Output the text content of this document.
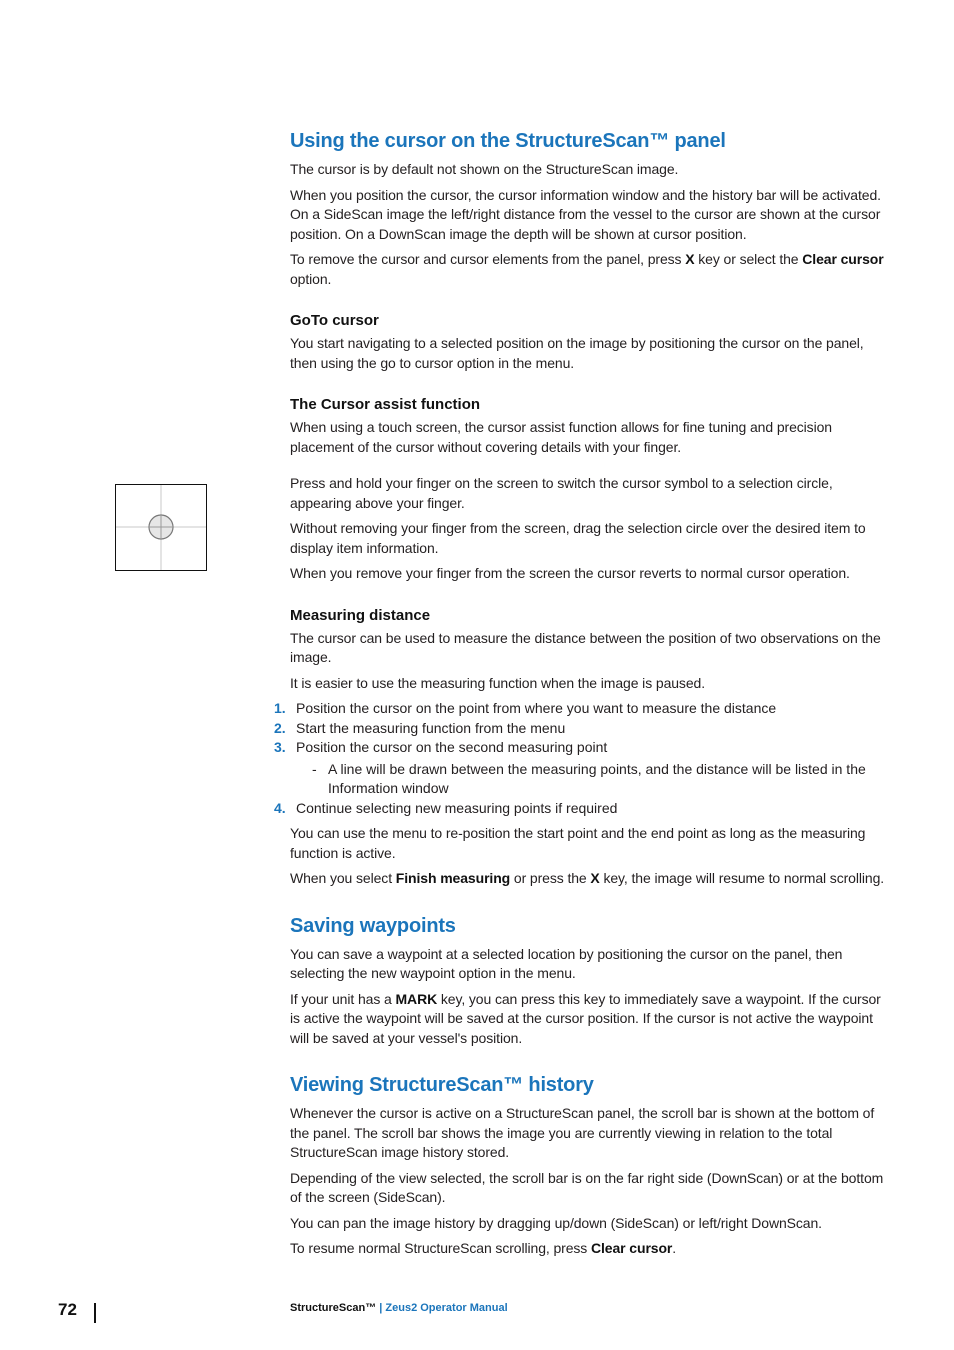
Using the cursor on the StructureScan™ panel

The cursor is by default not shown on the StructureScan image.

When you position the cursor, the cursor information window and the history bar will be activated. On a SideScan image the left/right distance from the vessel to the cursor are shown at the cursor position. On a DownScan image the depth will be shown at cursor position.

To remove the cursor and cursor elements from the panel, press X key or select the Clear cursor option.

GoTo cursor

You start navigating to a selected position on the image by positioning the cursor on the panel, then using the go to cursor option in the menu.

The Cursor assist function

When using a touch screen, the cursor assist function allows for fine tuning and precision placement of the cursor without covering details with your finger.

Press and hold your finger on the screen to switch the cursor symbol to a selection circle, appearing above your finger.

Without removing your finger from the screen, drag the selection circle over the desired item to display item information.

When you remove your finger from the screen the cursor reverts to normal cursor operation.

Measuring distance

The cursor can be used to measure the distance between the position of two observations on the image.

It is easier to use the measuring function when the image is paused.

1. Position the cursor on the point from where you want to measure the distance
2. Start the measuring function from the menu
3. Position the cursor on the second measuring point
- A line will be drawn between the measuring points, and the distance will be listed in the Information window
4. Continue selecting new measuring points if required

You can use the menu to re-position the start point and the end point as long as the measuring function is active.

When you select Finish measuring or press the X key, the image will resume to normal scrolling.

Saving waypoints

You can save a waypoint at a selected location by positioning the cursor on the panel, then selecting the new waypoint option in the menu.

If your unit has a MARK key, you can press this key to immediately save a waypoint. If the cursor is active the waypoint will be saved at the cursor position. If the cursor is not active the waypoint will be saved at your vessel's position.

Viewing StructureScan™ history

Whenever the cursor is active on a StructureScan panel, the scroll bar is shown at the bottom of the panel. The scroll bar shows the image you are currently viewing in relation to the total StructureScan image history stored.

Depending of the view selected, the scroll bar is on the far right side (DownScan) or at the bottom of the screen (SideScan).

You can pan the image history by dragging up/down (SideScan) or left/right DownScan.

To resume normal StructureScan scrolling, press Clear cursor.

72	StructureScan™ | Zeus2 Operator Manual
